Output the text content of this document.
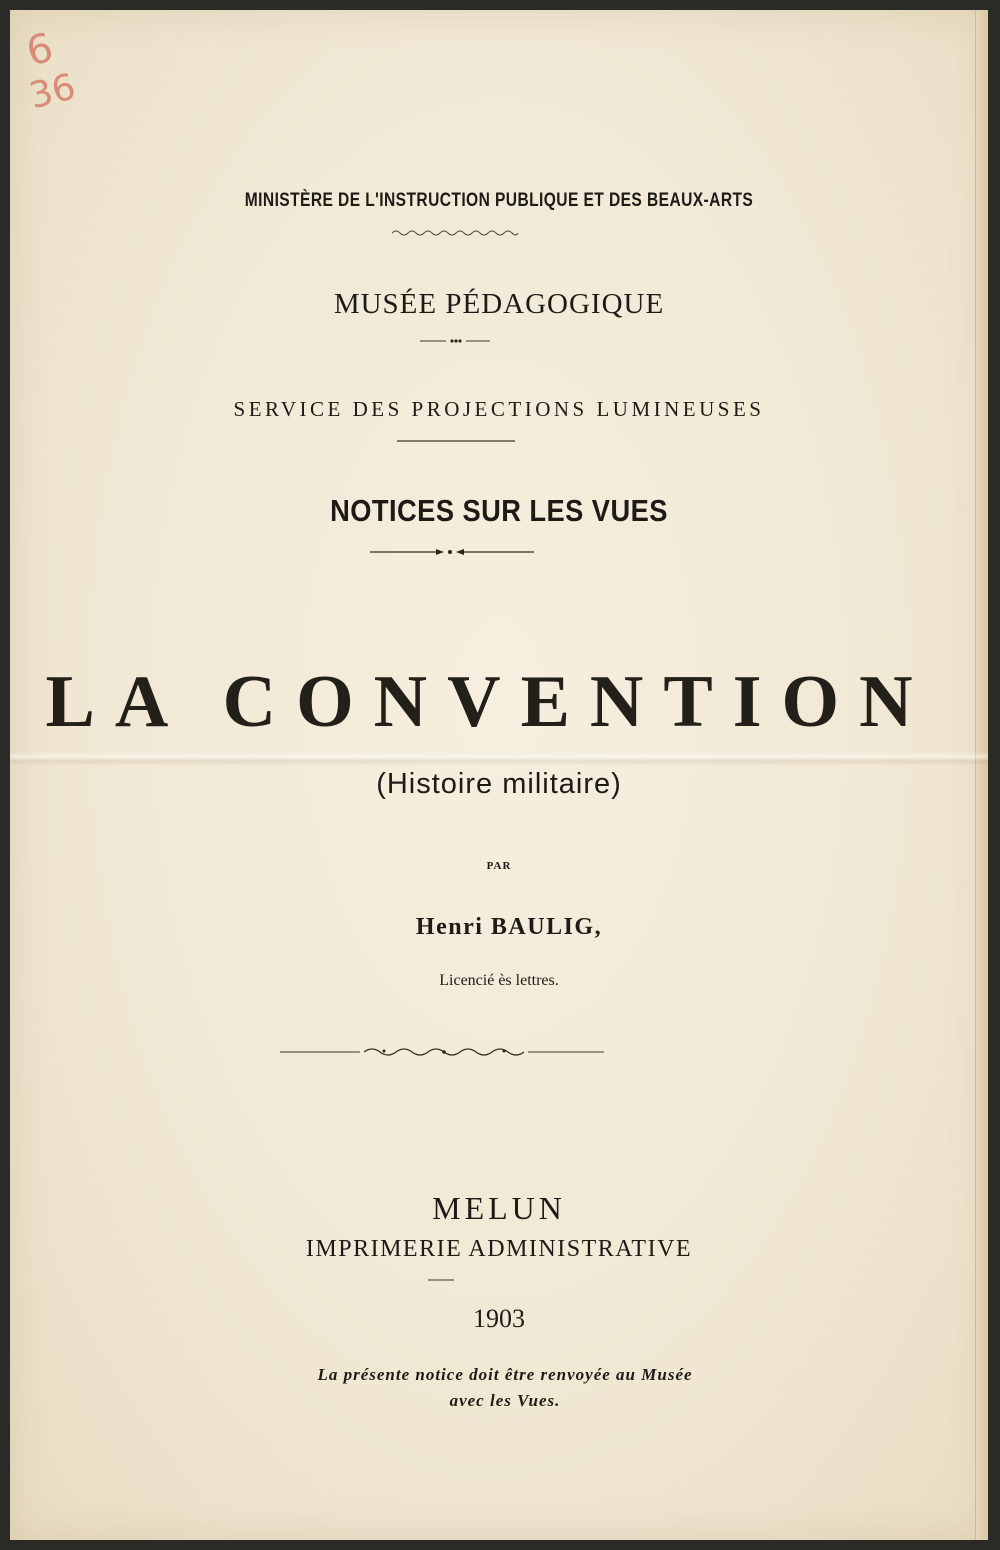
6
36
MINISTÈRE DE L'INSTRUCTION PUBLIQUE ET DES BEAUX-ARTS
MUSÉE PÉDAGOGIQUE
SERVICE DES PROJECTIONS LUMINEUSES
NOTICES SUR LES VUES
LA CONVENTION
(Histoire militaire)
PAR
Henri BAULIG,
Licencié ès lettres.
MELUN
IMPRIMERIE ADMINISTRATIVE
1903
La présente notice doit être renvoyée au Musée
avec les Vues.
